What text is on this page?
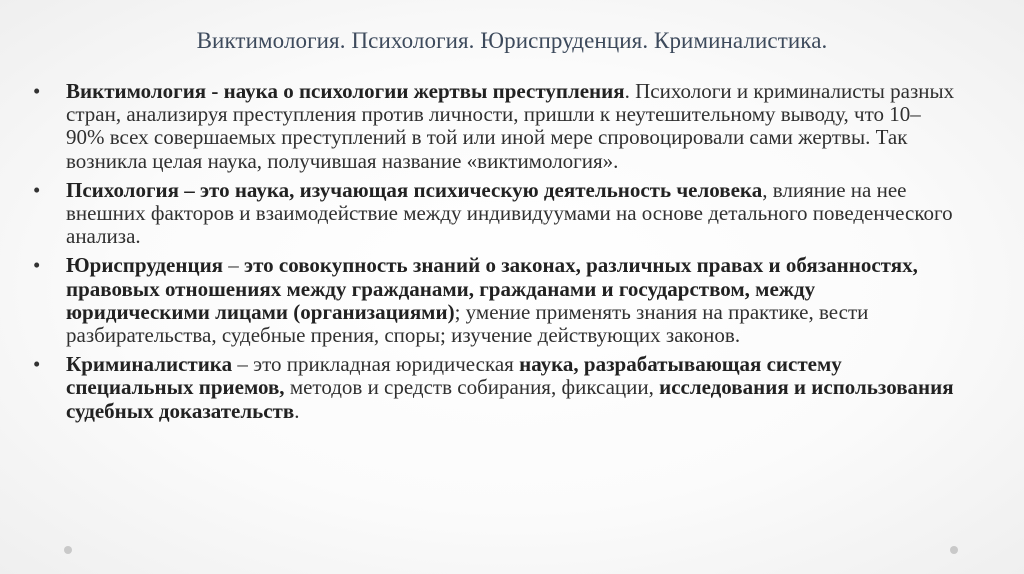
Виктимология. Психология. Юриспруденция. Криминалистика.
• Виктимология - наука о психологии жертвы преступления. Психологи и криминалисты разных стран, анализируя преступления против личности, пришли к неутешительному выводу, что 10–90% всех совершаемых преступлений в той или иной мере спровоцировали сами жертвы. Так возникла целая наука, получившая название «виктимология».
• Психология – это наука, изучающая психическую деятельность человека, влияние на нее внешних факторов и взаимодействие между индивидуумами на основе детального поведенческого анализа.
• Юриспруденция – это совокупность знаний о законах, различных правах и обязанностях, правовых отношениях между гражданами, гражданами и государством, между юридическими лицами (организациями); умение применять знания на практике, вести разбирательства, судебные прения, споры; изучение действующих законов.
• Криминалистика – это прикладная юридическая наука, разрабатывающая систему специальных приемов, методов и средств собирания, фиксации, исследования и использования судебных доказательств.
